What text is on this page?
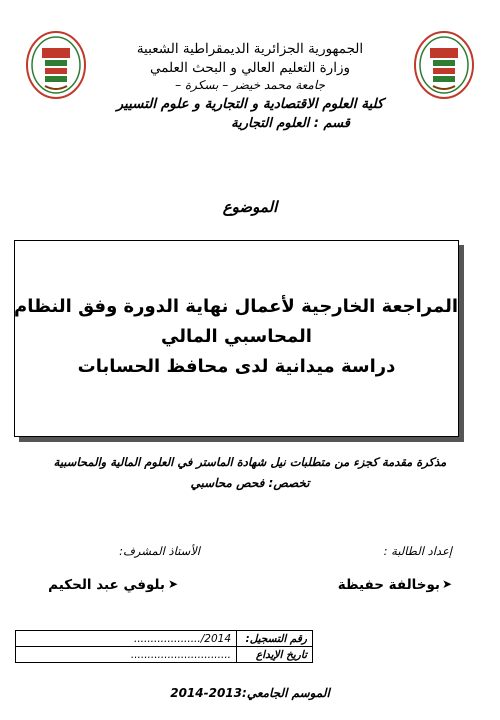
الجمهورية الجزائرية الديمقراطية الشعبية
وزارة التعليم العالي و البحث العلمي
جامعة محمد خيضر – بسكرة –
كلية العلوم الاقتصادية و التجارية و علوم التسيير
قسم : العلوم التجارية
الموضوع
المراجعة الخارجية لأعمال نهاية الدورة وفق النظام
المحاسبي المالي
دراسة ميدانية لدى محافظ الحسابات
مذكرة مقدمة كجزء من متطلبات نيل شهادة الماستر في العلوم المالية والمحاسبية
تخصص: فحص محاسبي
إعداد الطالبة :
الأستاذ المشرف:
➤
بوخالفة حفيظة
➤
بلوفي عبد الحكيم
رقم التسجيل:	..................../2014
تاريخ الإيداع	..............................
الموسم الجامعي:2013-2014
